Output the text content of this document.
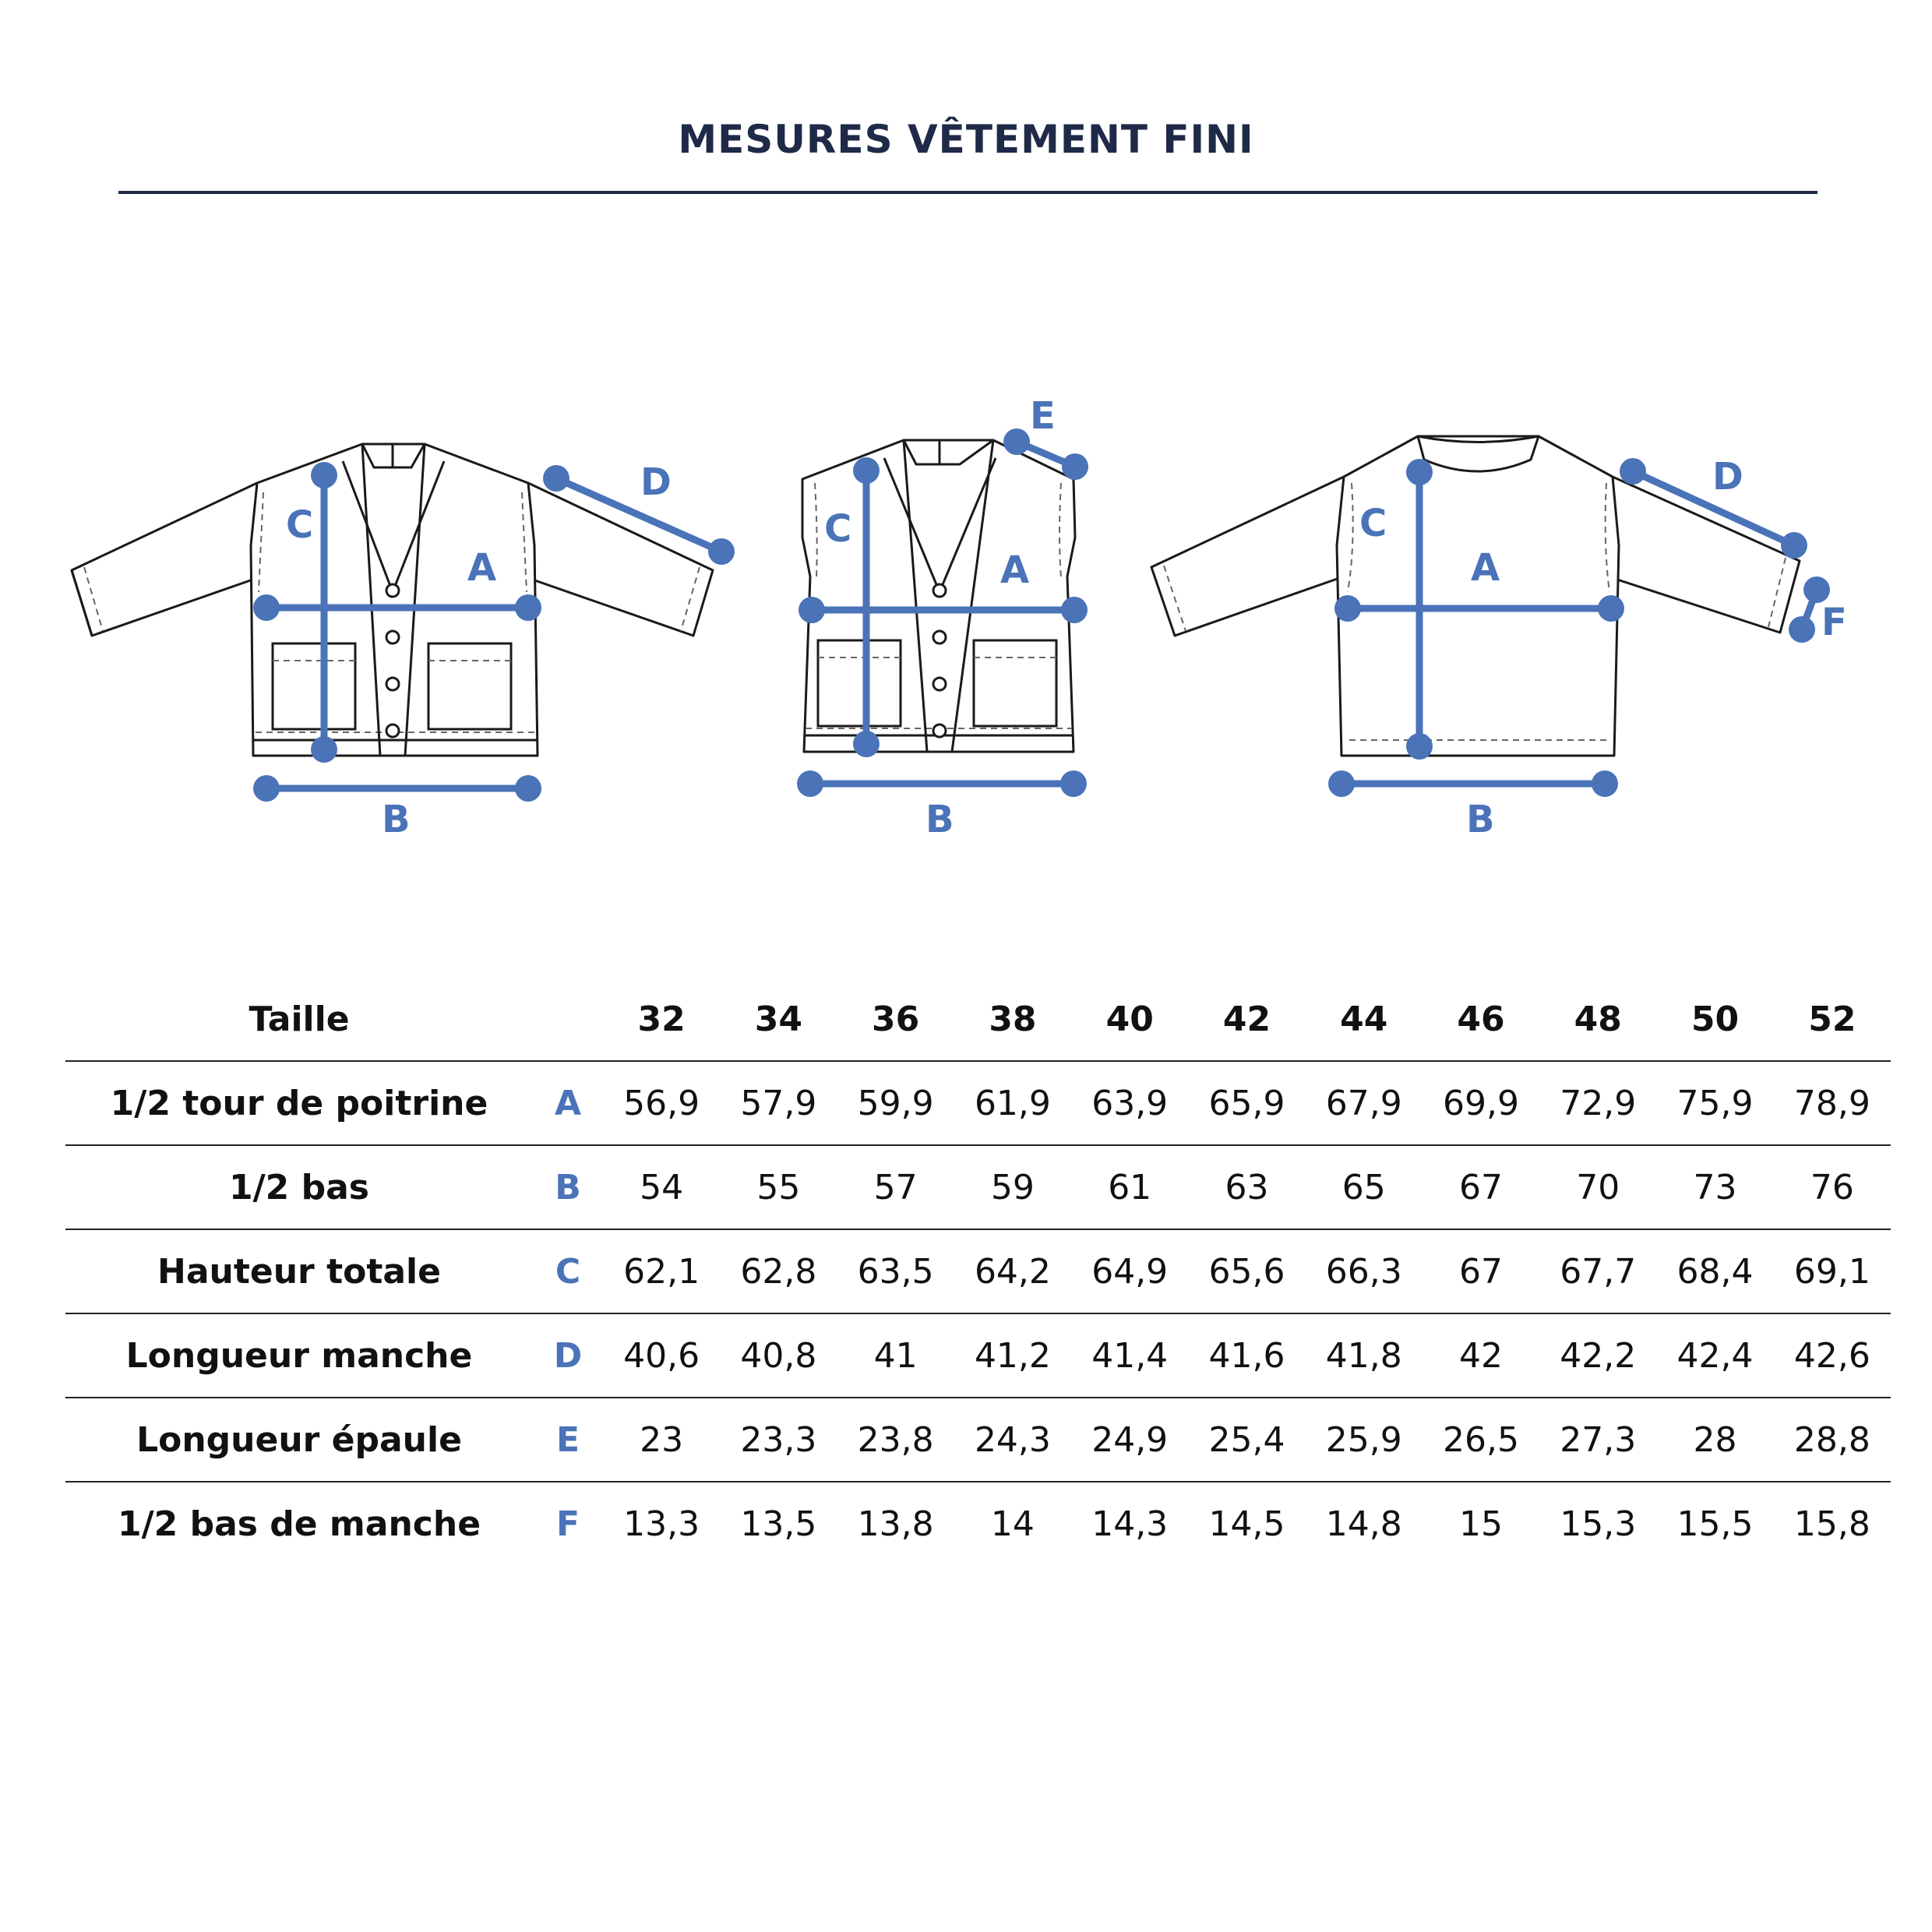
MESURES VÊTEMENT FINI
C
A
D
B
C
A
E
B
C
A
D
F
B
Taille		32	34	36	38	40	42	44	46	48	50	52
1/2 tour de poitrine	A	56,9	57,9	59,9	61,9	63,9	65,9	67,9	69,9	72,9	75,9	78,9
1/2 bas	B	54	55	57	59	61	63	65	67	70	73	76
Hauteur totale	C	62,1	62,8	63,5	64,2	64,9	65,6	66,3	67	67,7	68,4	69,1
Longueur manche	D	40,6	40,8	41	41,2	41,4	41,6	41,8	42	42,2	42,4	42,6
Longueur épaule	E	23	23,3	23,8	24,3	24,9	25,4	25,9	26,5	27,3	28	28,8
1/2 bas de manche	F	13,3	13,5	13,8	14	14,3	14,5	14,8	15	15,3	15,5	15,8
